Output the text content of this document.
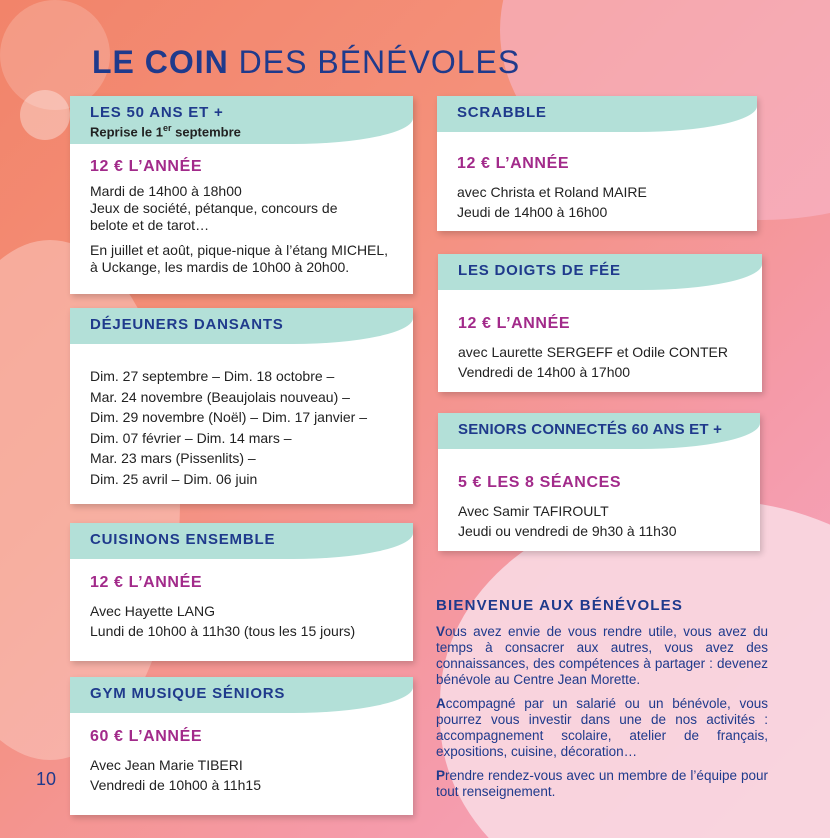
LE COIN DES BÉNÉVOLES
LES 50 ANS ET +
Reprise le 1er septembre
12 € L’ANNÉE
Mardi de 14h00 à 18h00
Jeux de société, pétanque, concours de
belote et de tarot…
En juillet et août, pique-nique à l’étang MICHEL,
à Uckange, les mardis de 10h00 à 20h00.
DÉJEUNERS DANSANTS
Dim. 27 septembre – Dim. 18 octobre –
Mar. 24 novembre (Beaujolais nouveau) –
Dim. 29 novembre (Noël) – Dim. 17 janvier –
Dim. 07 février – Dim. 14 mars –
Mar. 23 mars (Pissenlits) –
Dim. 25 avril – Dim. 06 juin
CUISINONS ENSEMBLE
12 € L’ANNÉE
Avec Hayette LANG
Lundi de 10h00 à 11h30 (tous les 15 jours)
GYM MUSIQUE SÉNIORS
60 € L’ANNÉE
Avec Jean Marie TIBERI
Vendredi de 10h00 à 11h15
SCRABBLE
12 € L’ANNÉE
avec Christa et Roland MAIRE
Jeudi de 14h00 à 16h00
LES DOIGTS DE FÉE
12 € L’ANNÉE
avec Laurette SERGEFF et Odile CONTER
Vendredi de 14h00 à 17h00
SENIORS CONNECTÉS 60 ANS ET +
5 € LES 8 SÉANCES
Avec Samir TAFIROULT
Jeudi ou vendredi de 9h30 à 11h30
BIENVENUE AUX BÉNÉVOLES

Vous avez envie de vous rendre utile, vous avez du temps à consacrer aux autres, vous avez des connaissances, des compétences à partager : devenez bénévole au Centre Jean Morette.

Accompagné par un salarié ou un bénévole, vous pourrez vous investir dans une de nos activités : accompagnement scolaire, atelier de français, expositions, cuisine, décoration…

Prendre rendez-vous avec un membre de l’équipe pour tout renseignement.

10
